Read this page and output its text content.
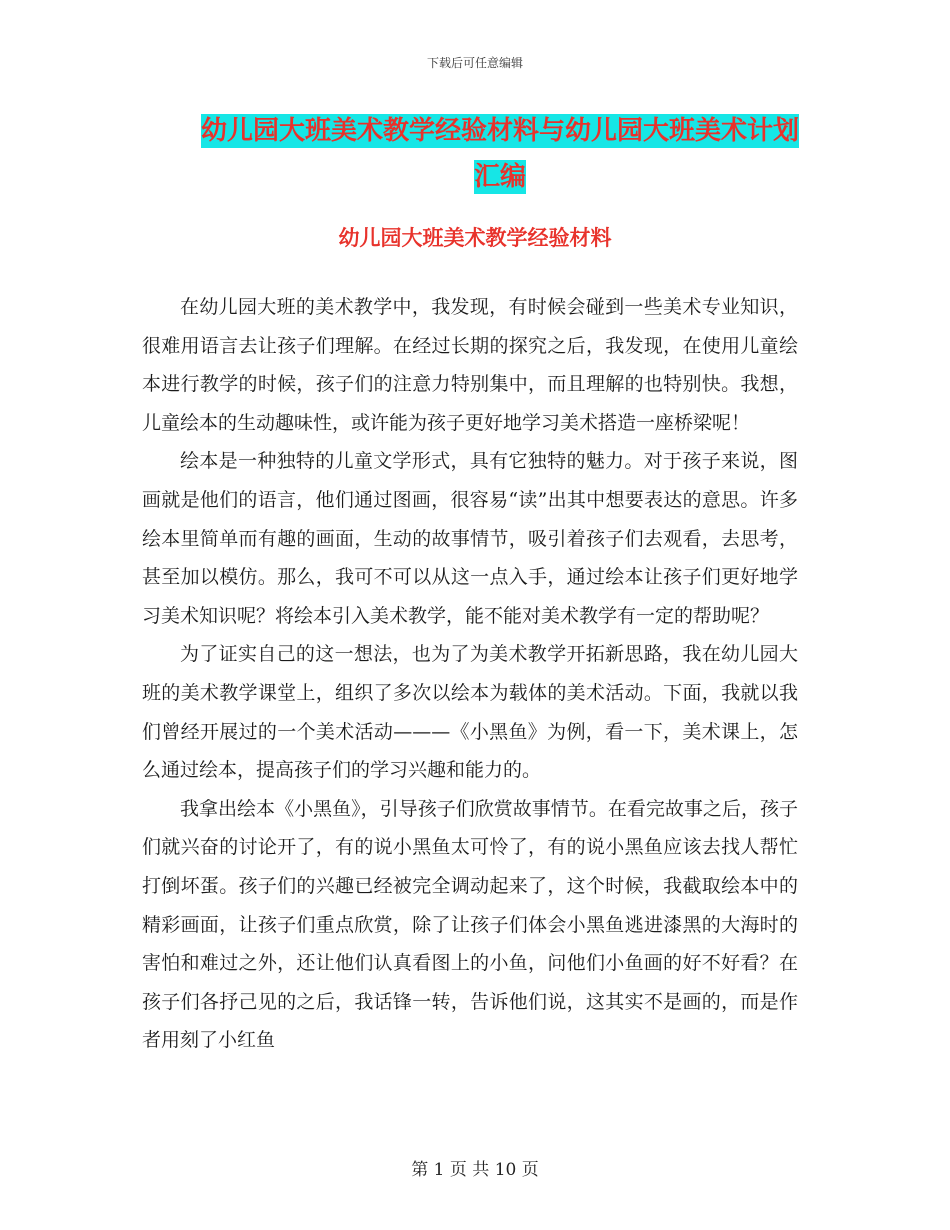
下载后可任意编辑
幼儿园大班美术教学经验材料与幼儿园大班美术计划
汇编
幼儿园大班美术教学经验材料

在幼儿园大班的美术教学中，我发现，有时候会碰到一些美术专业知识，很难用语言去让孩子们理解。在经过长期的探究之后，我发现，在使用儿童绘本进行教学的时候，孩子们的注意力特别集中，而且理解的也特别快。我想，儿童绘本的生动趣味性，或许能为孩子更好地学习美术搭造一座桥梁呢！

绘本是一种独特的儿童文学形式，具有它独特的魅力。对于孩子来说，图画就是他们的语言，他们通过图画，很容易“读”出其中想要表达的意思。许多绘本里简单而有趣的画面，生动的故事情节，吸引着孩子们去观看，去思考，甚至加以模仿。那么，我可不可以从这一点入手，通过绘本让孩子们更好地学习美术知识呢？将绘本引入美术教学，能不能对美术教学有一定的帮助呢？

为了证实自己的这一想法，也为了为美术教学开拓新思路，我在幼儿园大班的美术教学课堂上，组织了多次以绘本为载体的美术活动。下面，我就以我们曾经开展过的一个美术活动———《小黑鱼》为例，看一下，美术课上，怎么通过绘本，提高孩子们的学习兴趣和能力的。

我拿出绘本《小黑鱼》，引导孩子们欣赏故事情节。在看完故事之后，孩子们就兴奋的讨论开了，有的说小黑鱼太可怜了，有的说小黑鱼应该去找人帮忙打倒坏蛋。孩子们的兴趣已经被完全调动起来了，这个时候，我截取绘本中的精彩画面，让孩子们重点欣赏，除了让孩子们体会小黑鱼逃进漆黑的大海时的害怕和难过之外，还让他们认真看图上的小鱼，问他们小鱼画的好不好看？在孩子们各抒己见的之后，我话锋一转，告诉他们说，这其实不是画的，而是作者用刻了小红鱼

第 1 页 共 10 页
